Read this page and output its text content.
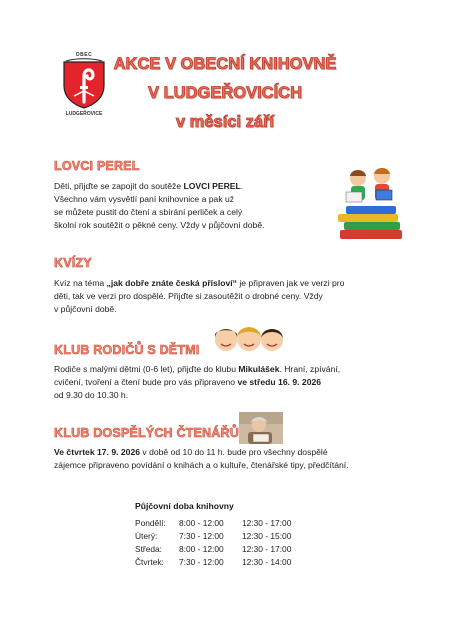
OBEC
LUDGEŘOVICE
AKCE V OBECNÍ KNIHOVNĚ
V LUDGEŘOVICÍCH
v měsíci září
LOVCI PEREL
Děti, přijďte se zapojit do soutěže LOVCI PEREL.
Všechno vám vysvětlí paní knihovnice a pak už
se můžete pustit do čtení a sbírání perliček a celý
školní rok soutěžit o pěkné ceny. Vždy v půjčovní době.
KVÍZY
Kvíz na téma „jak dobře znáte česká přísloví“ je připraven jak ve verzi pro
děti, tak ve verzi pro dospělé. Přijďte si zasoutěžit o drobné ceny. Vždy
v půjčovní době.
KLUB RODIČŮ S DĚTMI
Rodiče s malými dětmi (0-6 let), přijďte do klubu Mikulášek. Hraní, zpívání,
cvičení, tvoření a čtení bude pro vás připraveno ve středu 16. 9. 2026
od 9.30 do 10.30 h.
KLUB DOSPĚLÝCH ČTENÁŘŮ
Ve čtvrtek 17. 9. 2026 v době od 10 do 11 h. bude pro všechny dospělé
zájemce připraveno povídání o knihách a o kultuře, čtenářské tipy, předčítání.
Půjčovní doba knihovny
Pondělí: 8:00 - 12:00 12:30 - 17:00
Úterý:	7:30 - 12:00 12:30 - 15:00
Středa: 8:00 - 12:00 12:30 - 17:00
Čtvrtek: 7:30 - 12:00 12:30 - 14:00
